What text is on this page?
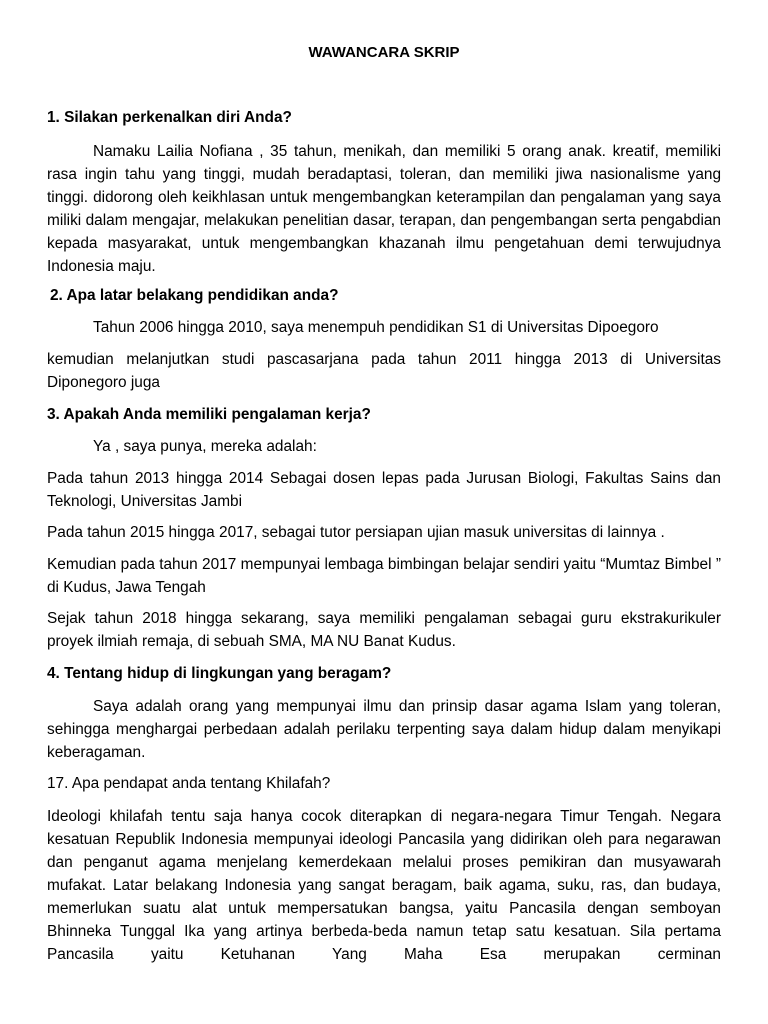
WAWANCARA SKRIP

1. Silakan perkenalkan diri Anda?

Namaku Lailia Nofiana , 35 tahun, menikah, dan memiliki 5 orang anak. kreatif, memiliki rasa ingin tahu yang tinggi, mudah beradaptasi, toleran, dan memiliki jiwa nasionalisme yang tinggi. didorong oleh keikhlasan untuk mengembangkan keterampilan dan pengalaman yang saya miliki dalam mengajar, melakukan penelitian dasar, terapan, dan pengembangan serta pengabdian kepada masyarakat, untuk mengembangkan khazanah ilmu pengetahuan demi terwujudnya Indonesia maju.

2. Apa latar belakang pendidikan anda?

Tahun 2006 hingga 2010, saya menempuh pendidikan S1 di Universitas Dipoegoro

kemudian melanjutkan studi pascasarjana pada tahun 2011 hingga 2013 di Universitas Diponegoro juga

3. Apakah Anda memiliki pengalaman kerja?

Ya , saya punya, mereka adalah:

Pada tahun 2013 hingga 2014 Sebagai dosen lepas pada Jurusan Biologi, Fakultas Sains dan Teknologi, Universitas Jambi

Pada tahun 2015 hingga 2017, sebagai tutor persiapan ujian masuk universitas di lainnya .

Kemudian pada tahun 2017 mempunyai lembaga bimbingan belajar sendiri yaitu “Mumtaz Bimbel ” di Kudus, Jawa Tengah

Sejak tahun 2018 hingga sekarang, saya memiliki pengalaman sebagai guru ekstrakurikuler proyek ilmiah remaja, di sebuah SMA, MA NU Banat Kudus.

4. Tentang hidup di lingkungan yang beragam?

Saya adalah orang yang mempunyai ilmu dan prinsip dasar agama Islam yang toleran, sehingga menghargai perbedaan adalah perilaku terpenting saya dalam hidup dalam menyikapi keberagaman.

17. Apa pendapat anda tentang Khilafah?

Ideologi khilafah tentu saja hanya cocok diterapkan di negara-negara Timur Tengah. Negara kesatuan Republik Indonesia mempunyai ideologi Pancasila yang didirikan oleh para negarawan dan penganut agama menjelang kemerdekaan melalui proses pemikiran dan musyawarah mufakat. Latar belakang Indonesia yang sangat beragam, baik agama, suku, ras, dan budaya, memerlukan suatu alat untuk mempersatukan bangsa, yaitu Pancasila dengan semboyan Bhinneka Tunggal Ika yang artinya berbeda-beda namun tetap satu kesatuan. Sila pertama Pancasila yaitu Ketuhanan Yang Maha Esa merupakan cerminan
